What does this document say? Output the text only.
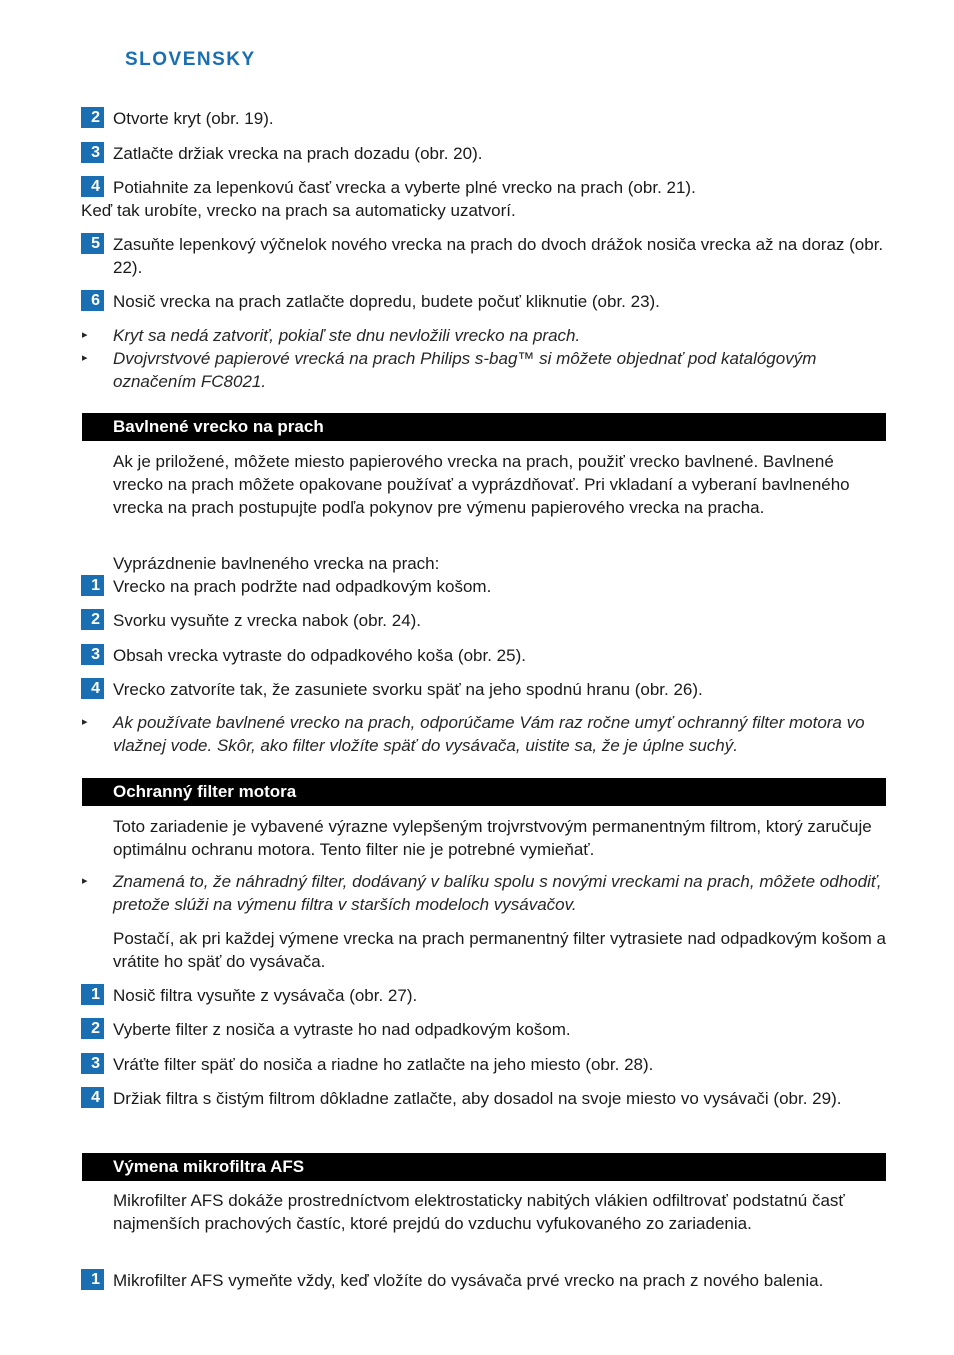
SLOVENSKY
2 Otvorte kryt (obr. 19).
3 Zatlačte držiak vrecka na prach dozadu (obr. 20).
4 Potiahnite za lepenkovú časť vrecka a vyberte plné vrecko na prach (obr. 21).
Keď tak urobíte, vrecko na prach sa automaticky uzatvorí.
5 Zasuňte lepenkový výčnelok nového vrecka na prach do dvoch drážok nosiča vrecka až na doraz (obr. 22).
6 Nosič vrecka na prach zatlačte dopredu, budete počuť kliknutie (obr. 23).
▸ Kryt sa nedá zatvoriť, pokiaľ ste dnu nevložili vrecko na prach.
▸ Dvojvrstvové papierové vrecká na prach Philips s-bag™ si môžete objednať pod katalógovým označením FC8021.
Bavlnené vrecko na prach
Ak je priložené, môžete miesto papierového vrecka na prach, použiť vrecko bavlnené. Bavlnené vrecko na prach môžete opakovane používať a vyprázdňovať. Pri vkladaní a vyberaní bavlneného vrecka na prach postupujte podľa pokynov pre výmenu papierového vrecka na pracha.
Vyprázdnenie bavlneného vrecka na prach:
1 Vrecko na prach podržte nad odpadkovým košom.
2 Svorku vysuňte z vrecka nabok (obr. 24).
3 Obsah vrecka vytraste do odpadkového koša (obr. 25).
4 Vrecko zatvoríte tak, že zasuniete svorku späť na jeho spodnú hranu (obr. 26).
▸ Ak používate bavlnené vrecko na prach, odporúčame Vám raz ročne umyť ochranný filter motora vo vlažnej vode. Skôr, ako filter vložíte späť do vysávača, uistite sa, že je úplne suchý.
Ochranný filter motora
Toto zariadenie je vybavené výrazne vylepšeným trojvrstvovým permanentným filtrom, ktorý zaručuje optimálnu ochranu motora. Tento filter nie je potrebné vymieňať.
▸ Znamená to, že náhradný filter, dodávaný v balíku spolu s novými vreckami na prach, môžete odhodiť, pretože slúži na výmenu filtra v starších modeloch vysávačov.
Postačí, ak pri každej výmene vrecka na prach permanentný filter vytrasiete nad odpadkovým košom a vrátite ho späť do vysávača.
1 Nosič filtra vysuňte z vysávača (obr. 27).
2 Vyberte filter z nosiča a vytraste ho nad odpadkovým košom.
3 Vráťte filter späť do nosiča a riadne ho zatlačte na jeho miesto (obr. 28).
4 Držiak filtra s čistým filtrom dôkladne zatlačte, aby dosadol na svoje miesto vo vysávači (obr. 29).
Výmena mikrofiltra AFS
Mikrofilter AFS dokáže prostredníctvom elektrostaticky nabitých vlákien odfiltrovať podstatnú časť najmenších prachových častíc, ktoré prejdú do vzduchu vyfukovaného zo zariadenia.
1 Mikrofilter AFS vymeňte vždy, keď vložíte do vysávača prvé vrecko na prach z nového balenia.
